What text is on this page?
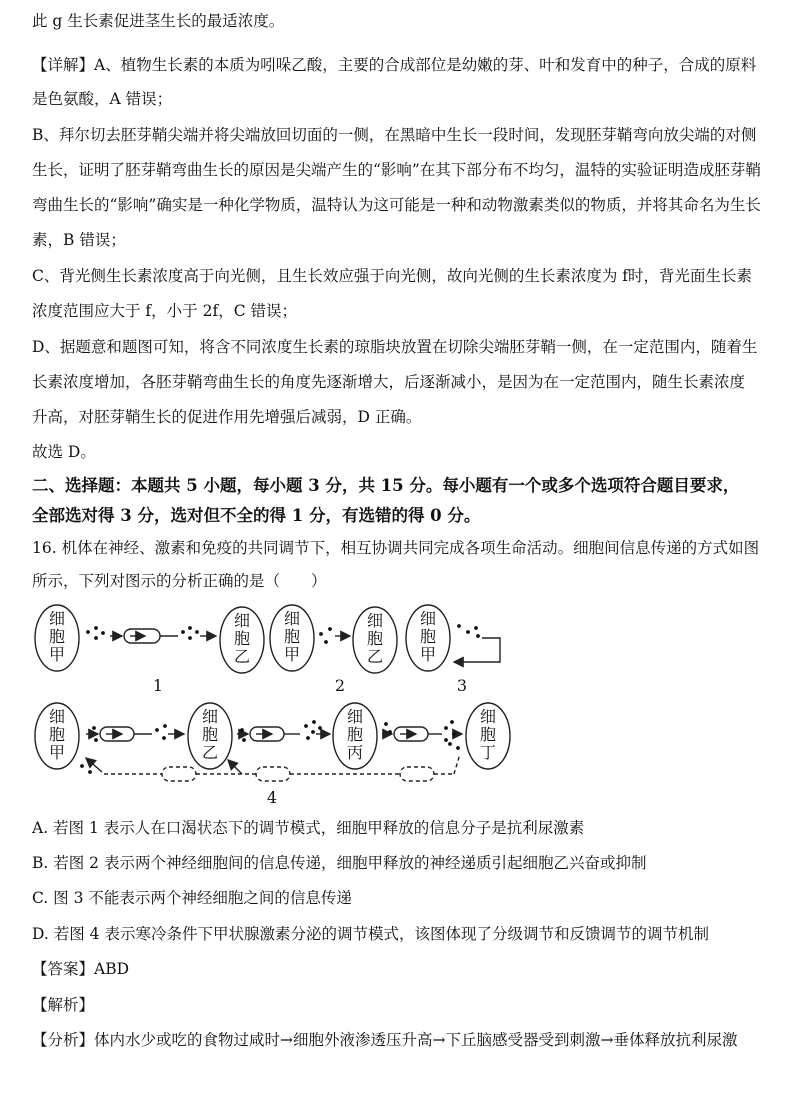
此 g 生长素促进茎生长的最适浓度。
【详解】A、植物生长素的本质为吲哚乙酸，主要的合成部位是幼嫩的芽、叶和发育中的种子，合成的原料
是色氨酸，A 错误；
B、拜尔切去胚芽鞘尖端并将尖端放回切面的一侧，在黑暗中生长一段时间，发现胚芽鞘弯向放尖端的对侧
生长，证明了胚芽鞘弯曲生长的原因是尖端产生的“影响”在其下部分布不均匀，温特的实验证明造成胚芽鞘
弯曲生长的“影响”确实是一种化学物质，温特认为这可能是一种和动物激素类似的物质，并将其命名为生长
素，B 错误；
C、背光侧生长素浓度高于向光侧，且生长效应强于向光侧，故向光侧的生长素浓度为 f时，背光面生长素
浓度范围应大于 f，小于 2f，C 错误；
D、据题意和题图可知，将含不同浓度生长素的琼脂块放置在切除尖端胚芽鞘一侧，在一定范围内，随着生
长素浓度增加，各胚芽鞘弯曲生长的角度先逐渐增大，后逐渐减小，是因为在一定范围内，随生长素浓度
升高，对胚芽鞘生长的促进作用先增强后减弱，D 正确。
故选 D。
二、选择题：本题共 5 小题，每小题 3 分，共 15 分。每小题有一个或多个选项符合题目要求，
全部选对得 3 分，选对但不全的得 1 分，有选错的得 0 分。
16. 机体在神经、激素和免疫的共同调节下，相互协调共同完成各项生命活动。细胞间信息传递的方式如图
所示，下列对图示的分析正确的是（　　）
细胞甲
细胞乙
细胞甲
细胞乙
细胞甲
细胞甲
细胞乙
细胞丙
细胞丁
1	2	3
4
A. 若图 1 表示人在口渴状态下的调节模式，细胞甲释放的信息分子是抗利尿激素
B. 若图 2 表示两个神经细胞间的信息传递，细胞甲释放的神经递质引起细胞乙兴奋或抑制
C. 图 3 不能表示两个神经细胞之间的信息传递
D. 若图 4 表示寒冷条件下甲状腺激素分泌的调节模式，该图体现了分级调节和反馈调节的调节机制
【答案】ABD
【解析】
【分析】体内水少或吃的食物过咸时→细胞外液渗透压升高→下丘脑感受器受到刺激→垂体释放抗利尿激
